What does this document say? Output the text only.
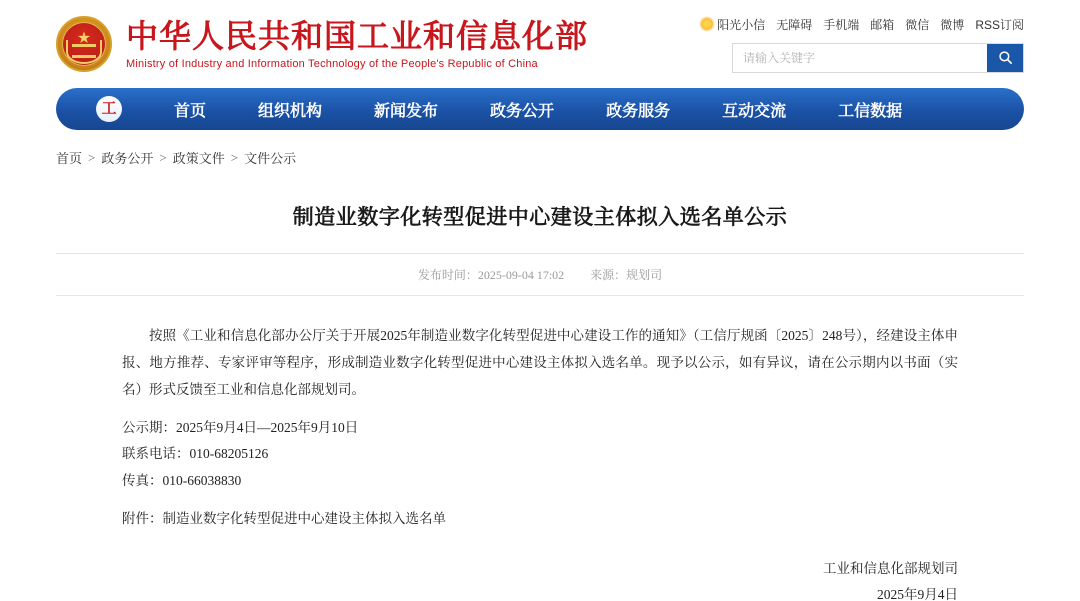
★ 中华人民共和国工业和信息化部
Ministry of Industry and Information Technology of the People's Republic of China
阳光小信 无障碍 手机端 邮箱 微信 微博 RSS订阅
请输入关键字
工	首页	组织机构	新闻发布	政务公开	政务服务	互动交流	工信数据
首页 > 政务公开 > 政策文件 > 文件公示
制造业数字化转型促进中心建设主体拟入选名单公示
发布时间：2025-09-04 17:02 来源：规划司

按照《工业和信息化部办公厅关于开展2025年制造业数字化转型促进中心建设工作的通知》（工信厅规函〔2025〕248号），经建设主体申报、地方推荐、专家评审等程序，形成制造业数字化转型促进中心建设主体拟入选名单。现予以公示，如有异议，请在公示期内以书面（实名）形式反馈至工业和信息化部规划司。

公示期：2025年9月4日—2025年9月10日

联系电话：010-68205126

传真：010-66038830

附件：制造业数字化转型促进中心建设主体拟入选名单

工业和信息化部规划司
2025年9月4日
